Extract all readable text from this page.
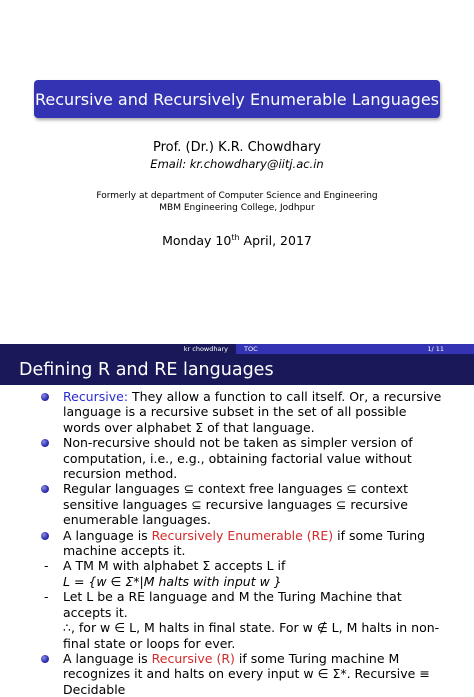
Recursive and Recursively Enumerable Languages
Prof. (Dr.) K.R. Chowdhary
Email: kr.chowdhary@iitj.ac.in
Formerly at department of Computer Science and Engineering
MBM Engineering College, Jodhpur
Monday 10th April, 2017
kr chowdhary	TOC	1/ 11
Defining R and RE languages
Recursive: They allow a function to call itself. Or, a recursive language is a recursive subset in the set of all possible words over alphabet Σ of that language.
Non-recursive should not be taken as simpler version of computation, i.e., e.g., obtaining factorial value without recursion method.
Regular languages ⊆ context free languages ⊆ context sensitive languages ⊆ recursive languages ⊆ recursive enumerable languages.
A language is Recursively Enumerable (RE) if some Turing machine accepts it.
- A TM M with alphabet Σ accepts L if
L = {w ∈ Σ*|M halts with input w }
- Let L be a RE language and M the Turing Machine that accepts it.
∴, for w ∈ L, M halts in final state. For w ∉ L, M halts in non-final state or loops for ever.
A language is Recursive (R) if some Turing machine M recognizes it and halts on every input w ∈ Σ*. Recursive ≡ Decidable
